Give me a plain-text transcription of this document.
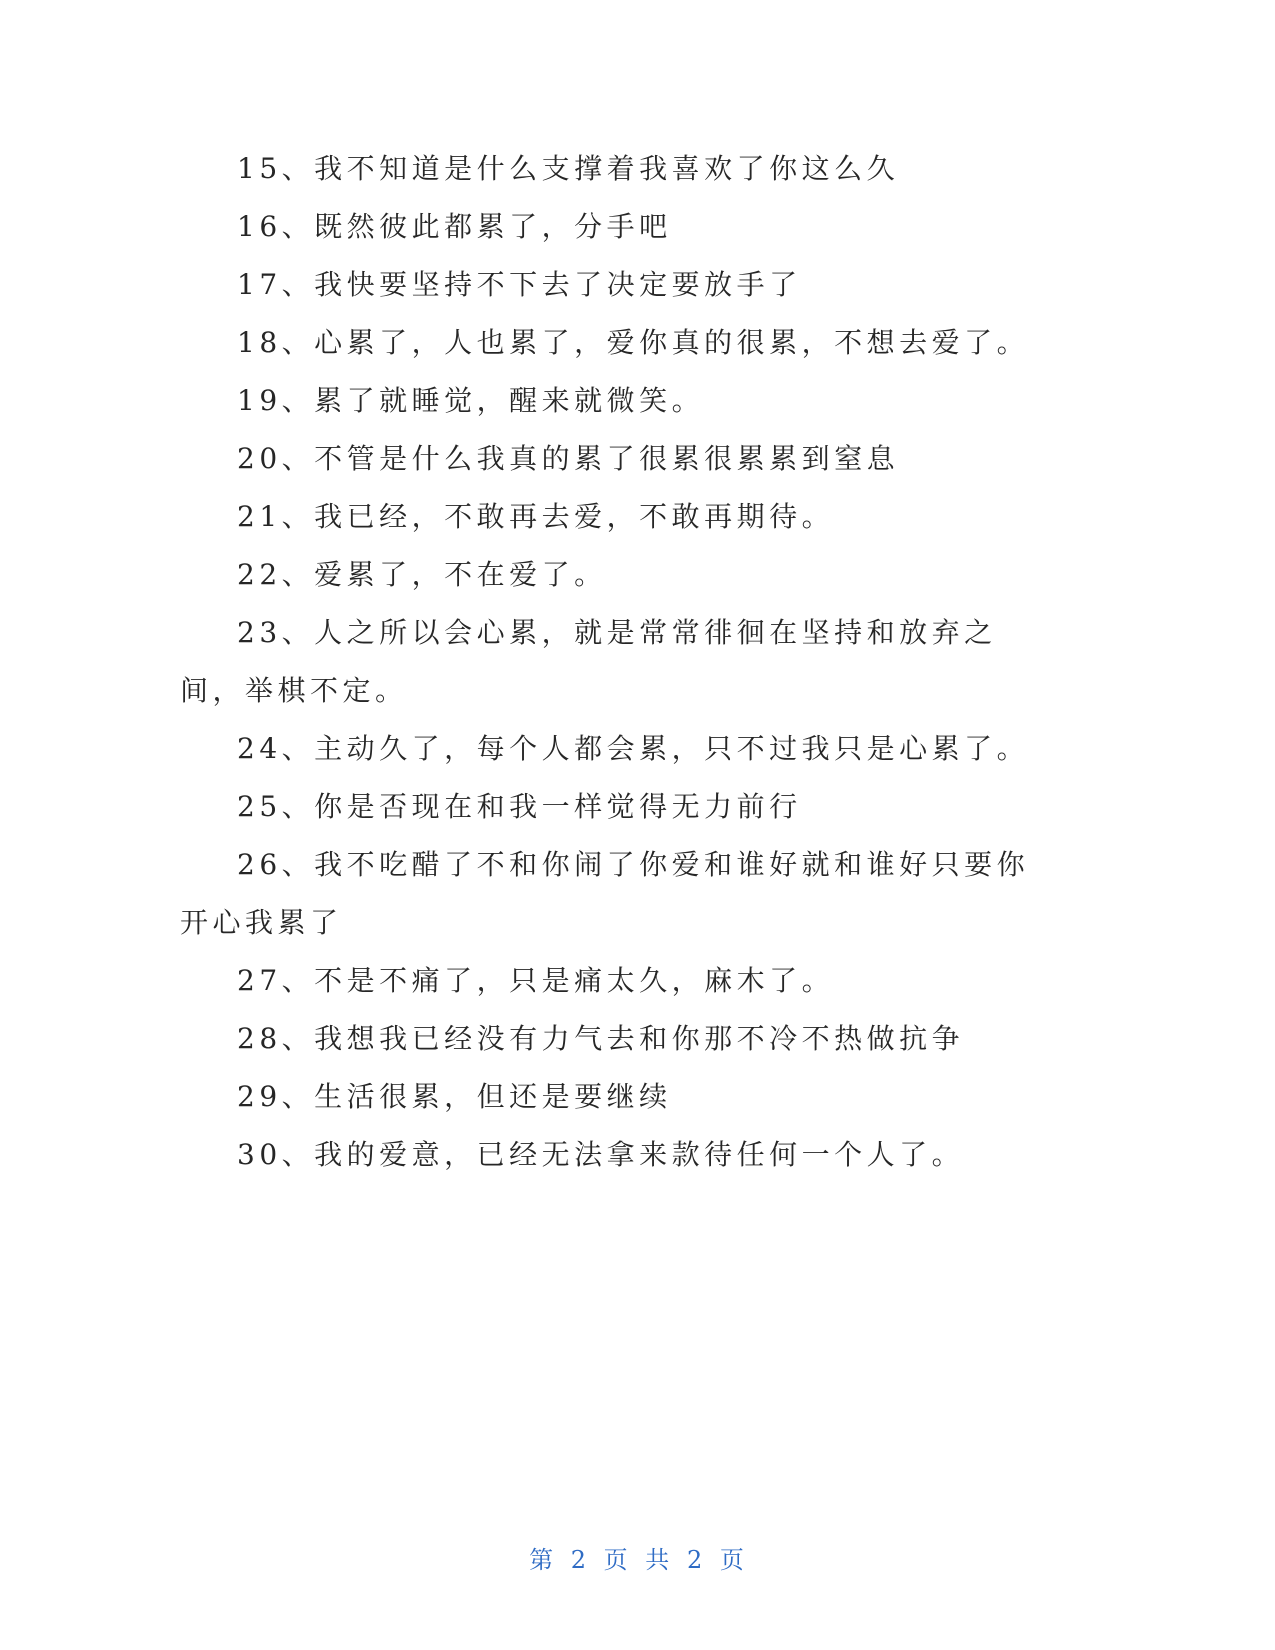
15、我不知道是什么支撑着我喜欢了你这么久

16、既然彼此都累了，分手吧

17、我快要坚持不下去了决定要放手了

18、心累了，人也累了，爱你真的很累，不想去爱了。

19、累了就睡觉，醒来就微笑。

20、不管是什么我真的累了很累很累累到窒息

21、我已经，不敢再去爱，不敢再期待。

22、爱累了，不在爱了。

23、人之所以会心累，就是常常徘徊在坚持和放弃之间，举棋不定。

24、主动久了，每个人都会累，只不过我只是心累了。

25、你是否现在和我一样觉得无力前行

26、我不吃醋了不和你闹了你爱和谁好就和谁好只要你开心我累了

27、不是不痛了，只是痛太久，麻木了。

28、我想我已经没有力气去和你那不冷不热做抗争

29、生活很累，但还是要继续

30、我的爱意，已经无法拿来款待任何一个人了。

第 2 页 共 2 页
